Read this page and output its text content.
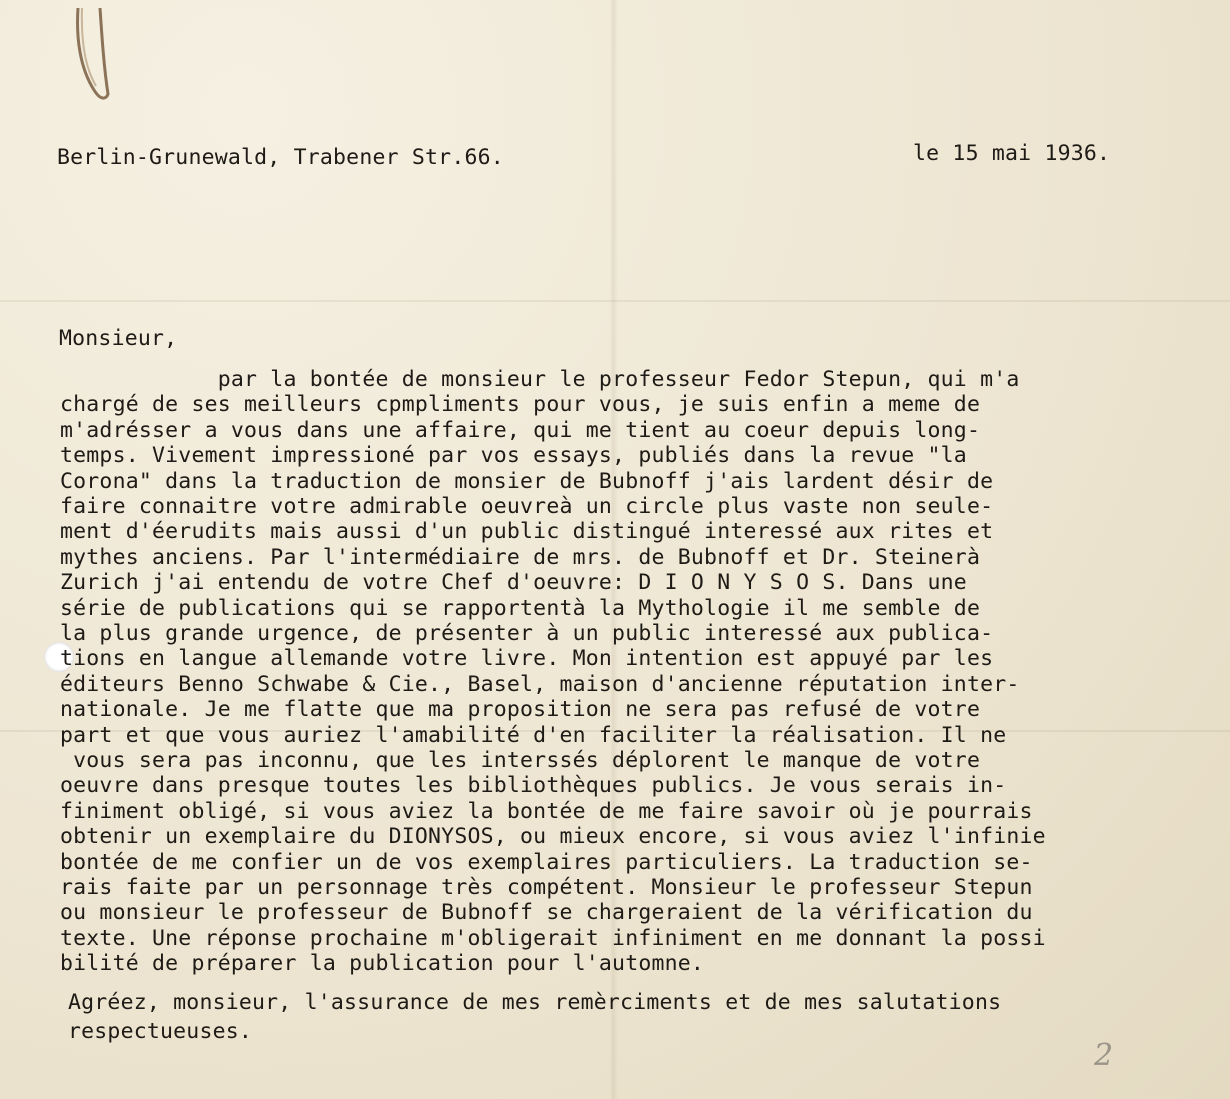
Berlin-Grunewald, Trabener Str.66.	le 15 mai 1936.
Monsieur,
par la bontée de monsieur le professeur Fedor Stepun, qui m'a
chargé de ses meilleurs cpmpliments pour vous, je suis enfin a meme de
m'adrésser a vous dans une affaire, qui me tient au coeur depuis long-
temps. Vivement impressioné par vos essays, publiés dans la revue "la
Corona" dans la traduction de monsier de Bubnoff j'ais lardent désir de
faire connaitre votre admirable oeuvreà un circle plus vaste non seule-
ment d'éerudits mais aussi d'un public distingué interessé aux rites et
mythes anciens. Par l'intermédiaire de mrs. de Bubnoff et Dr. Steinerà
Zurich j'ai entendu de votre Chef d'oeuvre: D I O N Y S O S. Dans une
série de publications qui se rapportentà la Mythologie il me semble de
la plus grande urgence, de présenter à un public interessé aux publica-
tions en langue allemande votre livre. Mon intention est appuyé par les
éditeurs Benno Schwabe & Cie., Basel, maison d'ancienne réputation inter-
nationale. Je me flatte que ma proposition ne sera pas refusé de votre
part et que vous auriez l'amabilité d'en faciliter la réalisation. Il ne
vous sera pas inconnu, que les interssés déplorent le manque de votre
oeuvre dans presque toutes les bibliothèques publics. Je vous serais in-
finiment obligé, si vous aviez la bontée de me faire savoir où je pourrais
obtenir un exemplaire du DIONYSOS, ou mieux encore, si vous aviez l'infinie
bontée de me confier un de vos exemplaires particuliers. La traduction se-
rais faite par un personnage très compétent. Monsieur le professeur Stepun
ou monsieur le professeur de Bubnoff se chargeraient de la vérification du
texte. Une réponse prochaine m'obligerait infiniment en me donnant la possi
bilité de préparer la publication pour l'automne.
Agréez, monsieur, l'assurance de mes remèrciments et de mes salutations
respectueuses.
2
